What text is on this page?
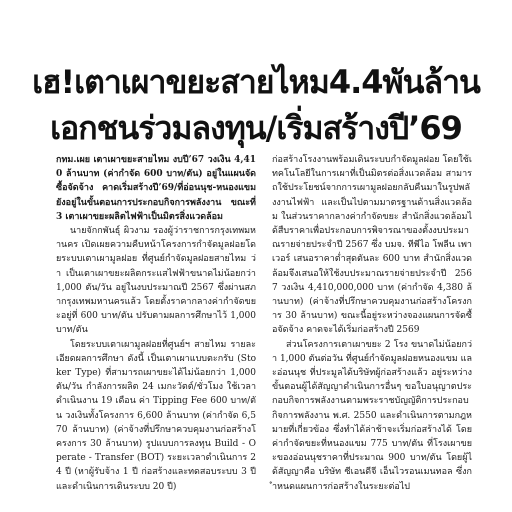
เฮ!เตาเผาขยะสายไหม4.4พันล้าน
เอกชนร่วมลงทุน/เริ่มสร้างปี’69

กทม.เผย เตาเผาขยะสายไหม งบปี’67 วงเงิน 4,410 ล้านบาท (ค่ากำจัด 600 บาท/ตัน) อยู่ในแผนจัดซื้อจัดจ้าง คาดเริ่มสร้างปี’69/ที่อ่อนนุช-หนองแขม ยังอยู่ในขั้นตอนการประกอบกิจการพลังงาน ขณะที่ 3 เตาเผาขยะผลิตไฟฟ้าเป็นมิตรสิ่งแวดล้อม

นายจักกพันธุ์ ผิวงาม รองผู้ว่าราชการกรุงเทพมหานคร เปิดเผยความคืบหน้าโครงการกำจัดมูลฝอยโดยระบบเตาเผามูลฝอย ที่ศูนย์กำจัดมูลฝอยสายไหม ว่า เป็นเตาเผาขยะผลิตกระแสไฟฟ้าขนาดไม่น้อยกว่า 1,000 ตัน/วัน อยู่ในงบประมาณปี 2567 ซึ่งผ่านสภากรุงเทพมหานครแล้ว โดยตั้งราคากลางค่ากำจัดขยะอยู่ที่ 600 บาท/ตัน ปรับตามผลการศึกษาไว้ 1,000 บาท/ตัน

โดยระบบเตาเผามูลฝอยที่ศูนย์ฯ สายไหม รายละเอียดผลการศึกษา ดังนี้ เป็นเตาเผาแบบตะกรับ (Stoker Type) ที่สามารถเผาขยะได้ไม่น้อยกว่า 1,000 ตัน/วัน กำลังการผลิต 24 เมกะวัตต์/ชั่วโมง ใช้เวลาดำเนินงาน 19 เดือน ค่า Tipping Fee 600 บาท/ตัน วงเงินทั้งโครงการ 6,600 ล้านบาท (ค่ากำจัด 6,570 ล้านบาท) (ค่าจ้างที่ปรึกษาควบคุมงานก่อสร้างโครงการ 30 ล้านบาท) รูปแบบการลงทุน Build - Operate - Transfer (BOT) ระยะเวลาดำเนินการ 24 ปี (หาผู้รับจ้าง 1 ปี ก่อสร้างและทดสอบระบบ 3 ปี และดำเนินการเดินระบบ 20 ปี)

ก่อสร้างโรงงานพร้อมเดินระบบกำจัดมูลฝอย โดยใช้เทคโนโลยีในการเผาที่เป็นมิตรต่อสิ่งแวดล้อม สามารถใช้ประโยชน์จากการเผามูลฝอยกลับคืนมาในรูปพลังงานไฟฟ้า และเป็นไปตามมาตรฐานด้านสิ่งแวดล้อม ในส่วนราคากลางค่ากำจัดขยะ สำนักสิ่งแวดล้อมได้สืบราคาเพื่อประกอบการพิจารณาของตั้งงบประมาณรายจ่ายประจำปี 2567 ซึ่ง บมจ. ทีพีไอ โพลีน เพาเวอร์ เสนอราคาต่ำสุดตันละ 600 บาท สำนักสิ่งแวดล้อมจึงเสนอให้ใช้งบประมาณรายจ่ายประจำปี 2567 วงเงิน 4,410,000,000 บาท (ค่ากำจัด 4,380 ล้านบาท) (ค่าจ้างที่ปรึกษาควบคุมงานก่อสร้างโครงการ 30 ล้านบาท) ขณะนี้อยู่ระหว่างจองแผนการจัดซื้อจัดจ้าง คาดจะได้เริ่มก่อสร้างปี 2569

ส่วนโครงการเตาเผาขยะ 2 โรง ขนาดไม่น้อยกว่า 1,000 ตันต่อวัน ที่ศูนย์กำจัดมูลฝอยหนองแขม และอ่อนนุช ที่ประมูลได้บริษัทผู้ก่อสร้างแล้ว อยู่ระหว่างขั้นตอนผู้ได้สัญญาดำเนินการอื่นๆ ขอใบอนุญาตประกอบกิจการพลังงานตามพระราชบัญญัติการประกอบกิจการพลังงาน พ.ศ. 2550 และดำเนินการตามกฎหมายที่เกี่ยวข้อง ซึ่งทำได้ล่าช้าจะเริ่มก่อสร้างได้ โดยค่ากำจัดขยะที่หนองแขม 775 บาท/ตัน ที่โรงเผาขยะของอ่อนนุชราคาที่ประมาณ 900 บาท/ตัน โดยผู้ได้สัญญาคือ บริษัท ซีเอนดีจี เอ็นไวรอนเมนทอล ซึ่งกำหนดแผนการก่อสร้างในระยะต่อไป
